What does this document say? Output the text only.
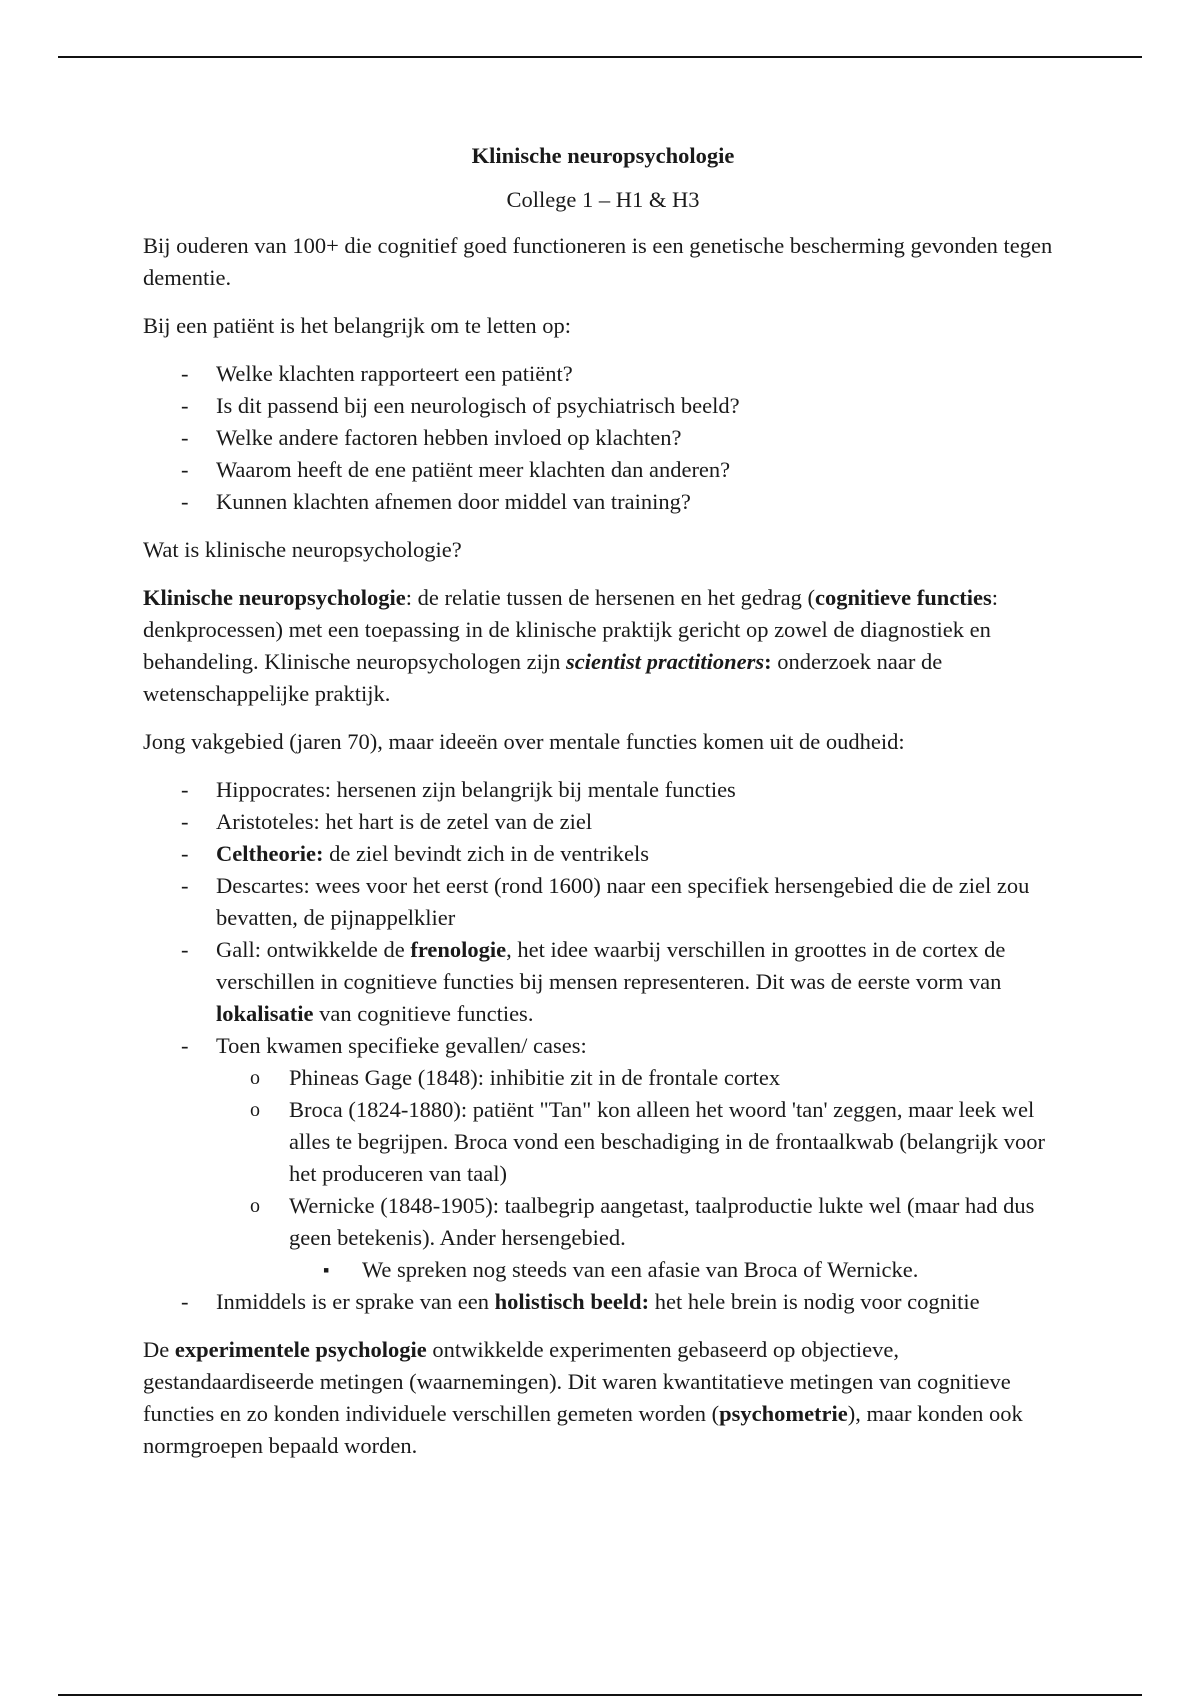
Klinische neuropsychologie
College 1 – H1 & H3

Bij ouderen van 100+ die cognitief goed functioneren is een genetische bescherming gevonden tegen dementie.

Bij een patiënt is het belangrijk om te letten op:

- Welke klachten rapporteert een patiënt?
- Is dit passend bij een neurologisch of psychiatrisch beeld?
- Welke andere factoren hebben invloed op klachten?
- Waarom heeft de ene patiënt meer klachten dan anderen?
- Kunnen klachten afnemen door middel van training?

Wat is klinische neuropsychologie?

Klinische neuropsychologie: de relatie tussen de hersenen en het gedrag (cognitieve functies: denkprocessen) met een toepassing in de klinische praktijk gericht op zowel de diagnostiek en behandeling. Klinische neuropsychologen zijn scientist practitioners: onderzoek naar de wetenschappelijke praktijk.

Jong vakgebied (jaren 70), maar ideeën over mentale functies komen uit de oudheid:

- Hippocrates: hersenen zijn belangrijk bij mentale functies
- Aristoteles: het hart is de zetel van de ziel
- Celtheorie: de ziel bevindt zich in de ventrikels
- Descartes: wees voor het eerst (rond 1600) naar een specifiek hersengebied die de ziel zou bevatten, de pijnappelklier
- Gall: ontwikkelde de frenologie, het idee waarbij verschillen in groottes in de cortex de verschillen in cognitieve functies bij mensen representeren. Dit was de eerste vorm van lokalisatie van cognitieve functies.
- Toen kwamen specifieke gevallen/ cases:
o Phineas Gage (1848): inhibitie zit in de frontale cortex
o Broca (1824-1880): patiënt "Tan" kon alleen het woord 'tan' zeggen, maar leek wel alles te begrijpen. Broca vond een beschadiging in de frontaalkwab (belangrijk voor het produceren van taal)
o Wernicke (1848-1905): taalbegrip aangetast, taalproductie lukte wel (maar had dus geen betekenis). Ander hersengebied.
▪ We spreken nog steeds van een afasie van Broca of Wernicke.
- Inmiddels is er sprake van een holistisch beeld: het hele brein is nodig voor cognitie

De experimentele psychologie ontwikkelde experimenten gebaseerd op objectieve, gestandaardiseerde metingen (waarnemingen). Dit waren kwantitatieve metingen van cognitieve functies en zo konden individuele verschillen gemeten worden (psychometrie), maar konden ook normgroepen bepaald worden.
